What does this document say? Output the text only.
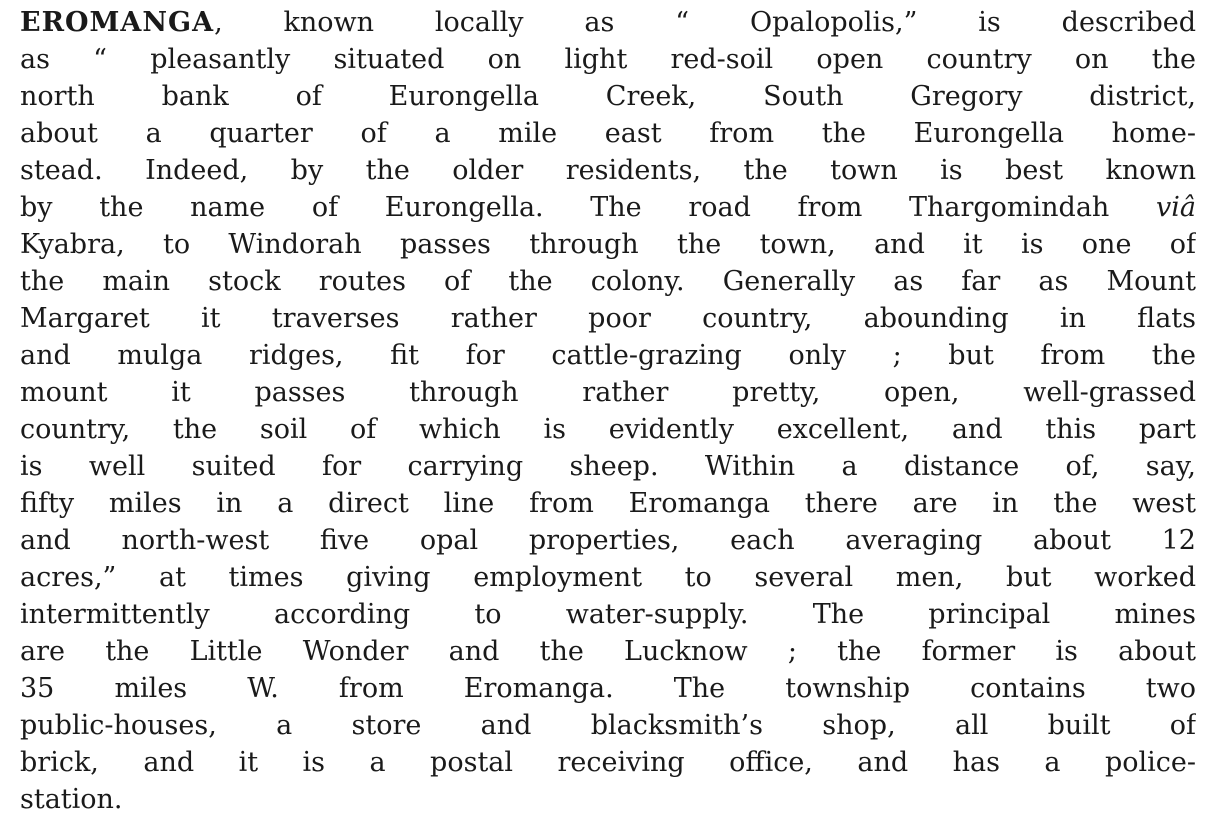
EROMANGA, known locally as “ Opalopolis,” is described
as “ pleasantly situated on light red-soil open country on the
north bank of Eurongella Creek, South Gregory district,
about a quarter of a mile east from the Eurongella home-
stead. Indeed, by the older residents, the town is best known
by the name of Eurongella. The road from Thargomindah viâ
Kyabra, to Windorah passes through the town, and it is one of
the main stock routes of the colony. Generally as far as Mount
Margaret it traverses rather poor country, abounding in flats
and mulga ridges, fit for cattle-grazing only ; but from the
mount it passes through rather pretty, open, well-grassed
country, the soil of which is evidently excellent, and this part
is well suited for carrying sheep. Within a distance of, say,
fifty miles in a direct line from Eromanga there are in the west
and north-west five opal properties, each averaging about 12
acres,” at times giving employment to several men, but worked
intermittently according to water-supply. The principal mines
are the Little Wonder and the Lucknow ; the former is about
35 miles W. from Eromanga. The township contains two
public-houses, a store and blacksmith’s shop, all built of
brick, and it is a postal receiving office, and has a police-
station.
